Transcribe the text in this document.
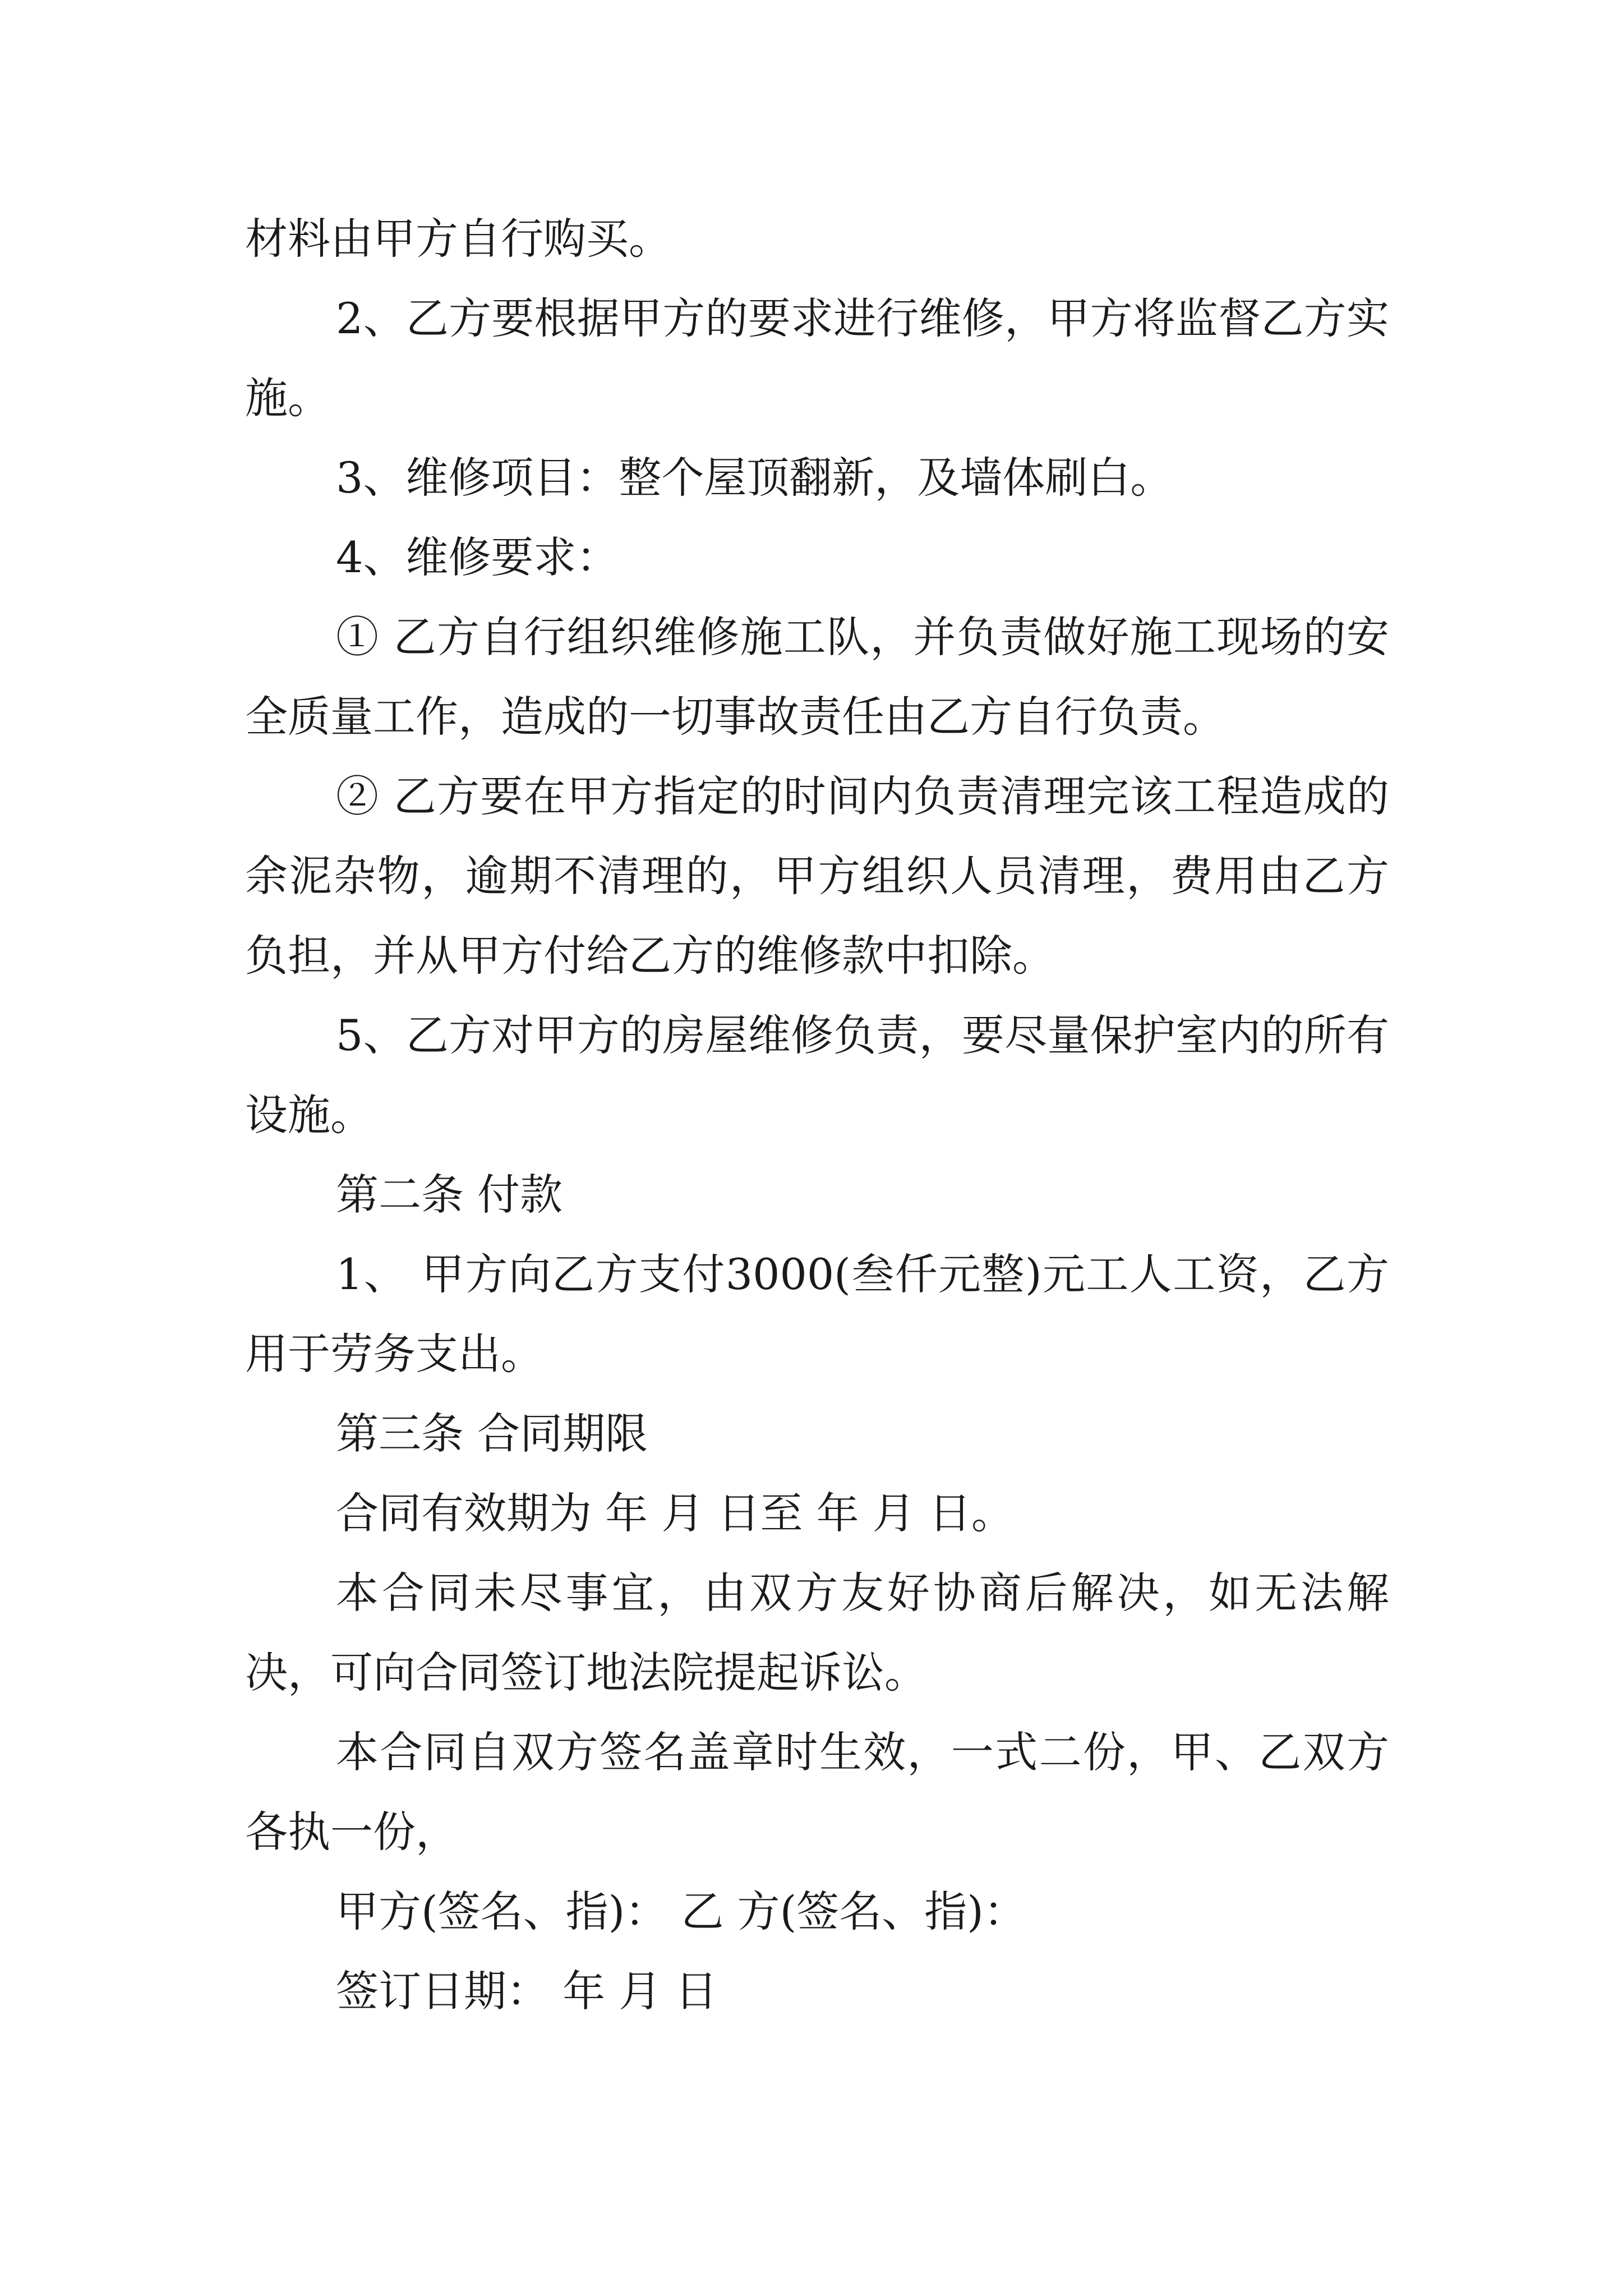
材料由甲方自行购买。

2、乙方要根据甲方的要求进行维修，甲方将监督乙方实施。

3、维修项目：整个屋顶翻新，及墙体刷白。

4、维修要求：

① 乙方自行组织维修施工队，并负责做好施工现场的安全质量工作，造成的一切事故责任由乙方自行负责。

② 乙方要在甲方指定的时间内负责清理完该工程造成的余泥杂物，逾期不清理的，甲方组织人员清理，费用由乙方负担，并从甲方付给乙方的维修款中扣除。

5、乙方对甲方的房屋维修负责，要尽量保护室内的所有设施。

第二条 付款

1、 甲方向乙方支付3000(叁仟元整)元工人工资，乙方用于劳务支出。

第三条 合同期限

合同有效期为 年 月 日至 年 月 日。

本合同未尽事宜，由双方友好协商后解决，如无法解决，可向合同签订地法院提起诉讼。

本合同自双方签名盖章时生效，一式二份，甲、乙双方各执一份，

甲方(签名、指)： 乙 方(签名、指)：

签订日期： 年 月 日
